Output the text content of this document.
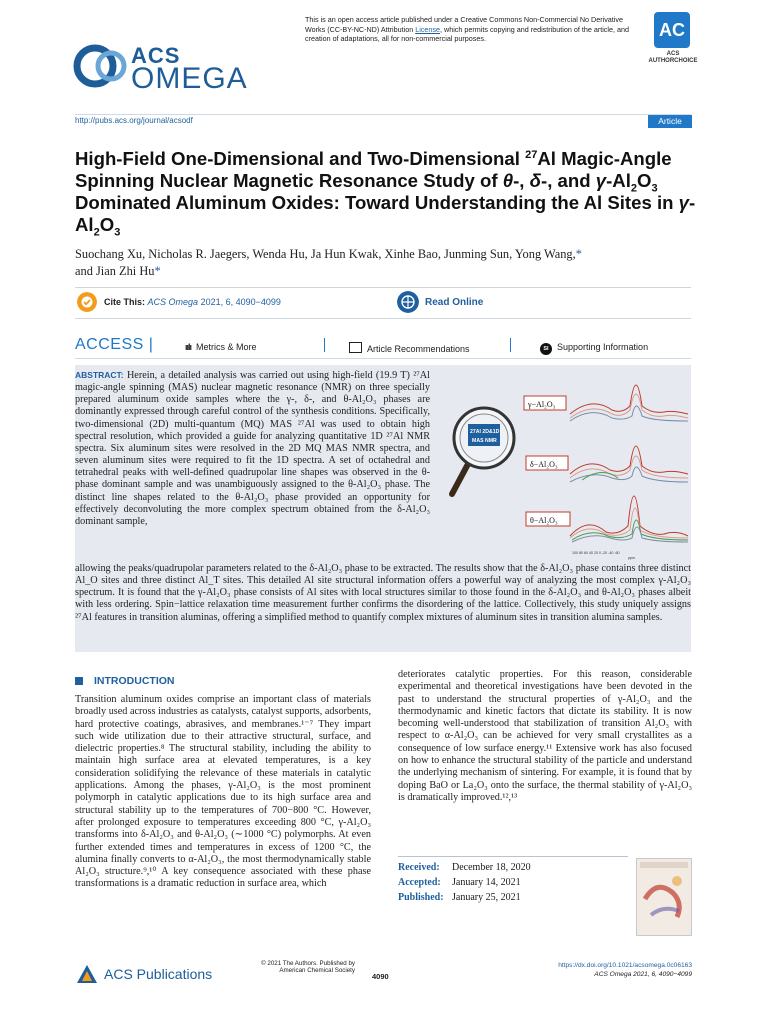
ACS
OMEGA
This is an open access article published under a Creative Commons Non-Commercial No Derivative Works (CC-BY-NC-ND) Attribution License, which permits copying and redistribution of the article, and creation of adaptations, all for non-commercial purposes.	AC
ACS
AUTHORCHOICE
http://pubs.acs.org/journal/acsodf	Article
High-Field One-Dimensional and Two-Dimensional $^{27}$Al Magic-Angle Spinning Nuclear Magnetic Resonance Study of θ-, δ-, and $\gamma-Al_2O_3$ Dominated Aluminum Oxides: Toward Understanding the Al Sites in $\gamma-Al_2O_3$
Suochang Xu, Nicholas R. Jaegers, Wenda Hu, Ja Hun Kwak, Xinhe Bao, Junming Sun, Yong Wang,*
and Jian Zhi Hu*
Cite This: ACS Omega 2021, 6, 4090−4099	Read Online
ACCESS |	ıılı Metrics & More	Article Recommendations	SI Supporting Information
ABSTRACT: Herein, a detailed analysis was carried out using high-field (19.9 T) ²⁷Al magic-angle spinning (MAS) nuclear magnetic resonance (NMR) on three specially prepared aluminum oxide samples where the γ-, δ-, and θ-Al₂O₃ phases are dominantly expressed through careful control of the synthesis conditions. Specifically, two-dimensional (2D) multi-quantum (MQ) MAS ²⁷Al was used to obtain high spectral resolution, which provided a guide for analyzing quantitative 1D ²⁷Al NMR spectra. Six aluminum sites were resolved in the 2D MQ MAS NMR spectra, and seven aluminum sites were required to fit the 1D spectra. A set of octahedral and tetrahedral peaks with well-defined quadrupolar line shapes was observed in the θ-phase dominant sample and was unambiguously assigned to the θ-Al₂O₃ phase. The distinct line shapes related to the θ-Al₂O₃ phase provided an opportunity for effectively deconvoluting the more complex spectrum obtained from the δ-Al₂O₃ dominant sample,
allowing the peaks/quadrupolar parameters related to the δ-Al₂O₃ phase to be extracted. The results show that the δ-Al₂O₃ phase contains three distinct Al_O sites and three distinct Al_T sites. This detailed Al site structural information offers a powerful way of analyzing the most complex γ-Al₂O₃ spectrum. It is found that the γ-Al₂O₃ phase consists of Al sites with local structures similar to those found in the δ-Al₂O₃ and θ-Al₂O₃ phases albeit with less ordering. Spin−lattice relaxation time measurement further confirms the disordering of the lattice. Collectively, this study uniquely assigns ²⁷Al features in transition aluminas, offering a simplified method to quantify complex mixtures of aluminum sites in transition alumina samples.
100 80 60 40 20 0 -20 -40 -60
ppm
γ−Al₂O₃
δ−Al₂O₃
θ−Al₂O₃
27Al 2D&1D
MAS NMR
INTRODUCTION
Transition aluminum oxides comprise an important class of materials broadly used across industries as catalysts, catalyst supports, adsorbents, hard protective coatings, abrasives, and membranes.¹⁻⁷ They impart such wide utilization due to their attractive structural, surface, and dielectric properties.⁸ The structural stability, including the ability to maintain high surface area at elevated temperatures, is a key consideration solidifying the relevance of these materials in catalytic applications. Among the phases, γ-Al₂O₃ is the most prominent polymorph in catalytic applications due to its high surface area and structural stability up to the temperatures of 700−800 °C. However, after prolonged exposure to temperatures exceeding 800 °C, γ-Al₂O₃ transforms into δ-Al₂O₃ and θ-Al₂O₃ (∼1000 °C) polymorphs. At even further extended times and temperatures in excess of 1200 °C, the alumina finally converts to α-Al₂O₃, the most thermodynamically stable Al₂O₃ structure.⁹,¹⁰ A key consequence associated with these phase transformations is a dramatic reduction in surface area, which
deteriorates catalytic properties. For this reason, considerable experimental and theoretical investigations have been devoted in the past to understand the structural properties of γ-Al₂O₃ and the thermodynamic and kinetic factors that dictate its stability. It is now becoming well-understood that stabilization of transition Al₂O₃ with respect to α-Al₂O₃ can be achieved for very small crystallites as a consequence of low surface energy.¹¹ Extensive work has also focused on how to enhance the structural stability of the particle and understand the underlying mechanism of sintering. For example, it is found that by doping BaO or La₂O₃ onto the surface, the thermal stability of γ-Al₂O₃ is dramatically improved.¹²,¹³
Received: December 18, 2020
Accepted: January 14, 2021
Published: January 25, 2021
ACS Publications
© 2021 The Authors. Published by
American Chemical Society
4090
https://dx.doi.org/10.1021/acsomega.0c06163
ACS Omega 2021, 6, 4090−4099
